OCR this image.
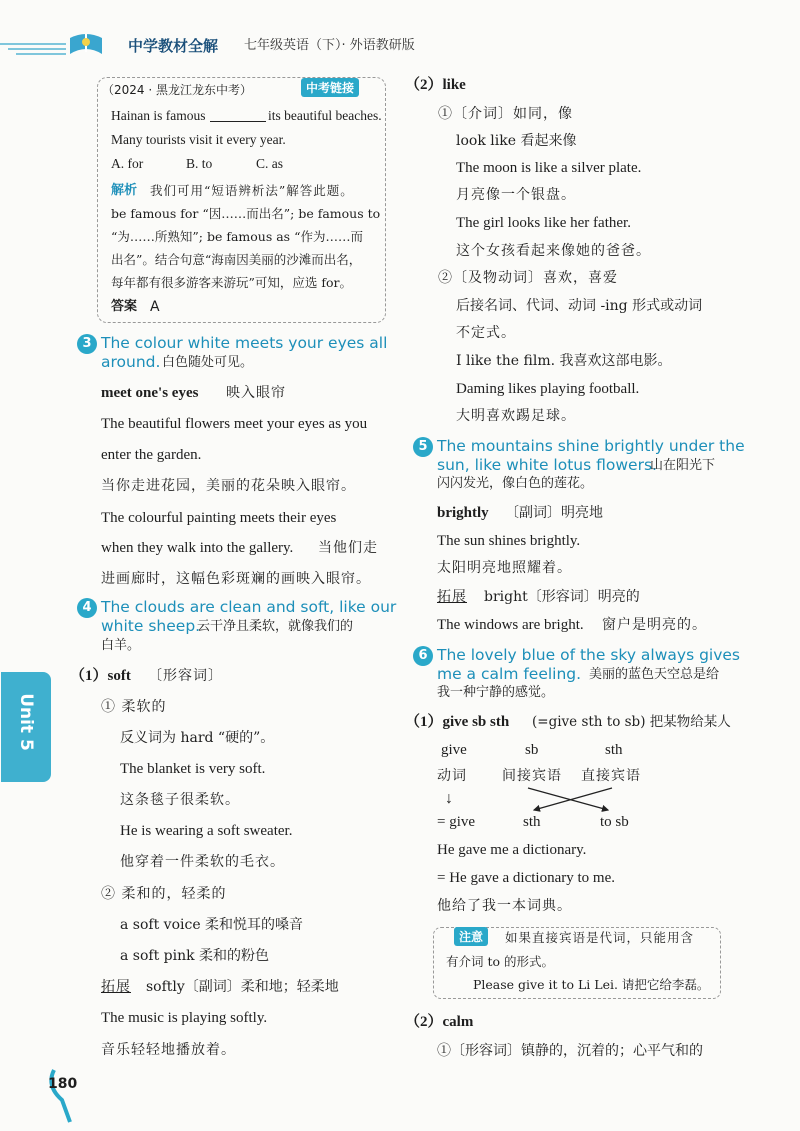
中学教材全解 七年级英语（下）· 外语教研版
中考链接
（2024 · 黑龙江龙东中考）
Hainan is famous	its beautiful beaches.
Many tourists visit it every year.
A. for	B. to	C. as
解析 我们可用“短语辨析法”解答此题。
be famous for “因……而出名”; be famous to
“为……所熟知”; be famous as “作为……而
出名”。结合句意“海南因美丽的沙滩而出名，
每年都有很多游客来游玩”可知，应选 for。
答案 A
3 The colour white meets your eyes all
around. 白色随处可见。
meet one's eyes 映入眼帘
The beautiful flowers meet your eyes as you
enter the garden.
当你走进花园，美丽的花朵映入眼帘。
The colourful painting meets their eyes
when they walk into the gallery. 当他们走
进画廊时，这幅色彩斑斓的画映入眼帘。
4 The clouds are clean and soft, like our
white sheep.
云干净且柔软，就像我们的
白羊。
（1）soft 〔形容词〕
① 柔软的
反义词为 hard “硬的”。
The blanket is very soft.
这条毯子很柔软。
He is wearing a soft sweater.
他穿着一件柔软的毛衣。
② 柔和的，轻柔的
a soft voice 柔和悦耳的嗓音
a soft pink 柔和的粉色
拓展 softly〔副词〕柔和地；轻柔地
The music is playing softly.
音乐轻轻地播放着。
Unit 5
180
（2）like
①〔介词〕如同，像
look like 看起来像
The moon is like a silver plate.
月亮像一个银盘。
The girl looks like her father.
这个女孩看起来像她的爸爸。
②〔及物动词〕喜欢，喜爱
后接名词、代词、动词 -ing 形式或动词
不定式。
I like the film. 我喜欢这部电影。
Daming likes playing football.
大明喜欢踢足球。
5 The mountains shine brightly under the
sun, like white lotus flowers.
山在阳光下
闪闪发光，像白色的莲花。
brightly 〔副词〕明亮地
The sun shines brightly.
太阳明亮地照耀着。
拓展 bright〔形容词〕明亮的
The windows are bright. 窗户是明亮的。
6 The lovely blue of the sky always gives
me a calm feeling. 美丽的蓝色天空总是给
我一种宁静的感觉。
（1）give sb sth (=give sth to sb) 把某物给某人
give	sb	sth
动词	间接宾语 直接宾语
↓
= give	sth	to sb
He gave me a dictionary.
= He gave a dictionary to me.
他给了我一本词典。
注意	如果直接宾语是代词，只能用含
有介词 to 的形式。
Please give it to Li Lei. 请把它给李磊。
（2）calm
①〔形容词〕镇静的，沉着的；心平气和的
